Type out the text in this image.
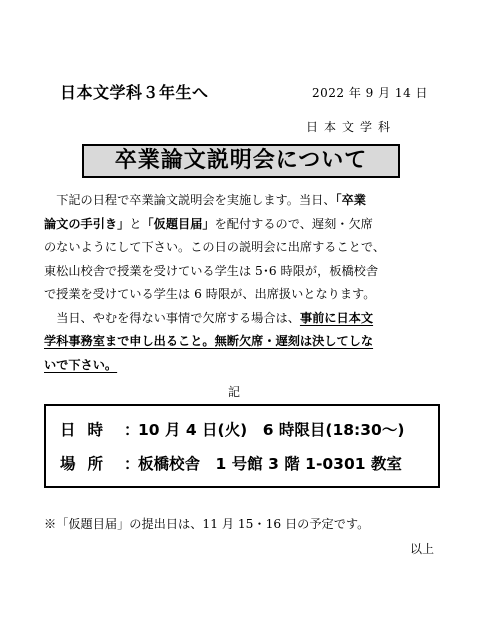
日本文学科３年生へ	2022 年 9 月 14 日
日本文学科
卒業論文説明会について
　下記の日程で卒業論文説明会を実施します。当日、「卒業
論文の手引き」と「仮題目届」を配付するので、遅刻・欠席
のないようにして下さい。この日の説明会に出席することで、
東松山校舎で授業を受けている学生は 5･6 時限が，板橋校舎
で授業を受けている学生は 6 時限が、出席扱いとなります。
　当日、やむを得ない事情で欠席する場合は、事前に日本文
学科事務室まで申し出ること。無断欠席・遅刻は決してしな
いで下さい。
記
日時 ：10 月 4 日(火)　6 時限目(18:30～)
場所 ：板橋校舎　1 号館 3 階 1-0301 教室
※「仮題目届」の提出日は、11 月 15・16 日の予定です。
以上
